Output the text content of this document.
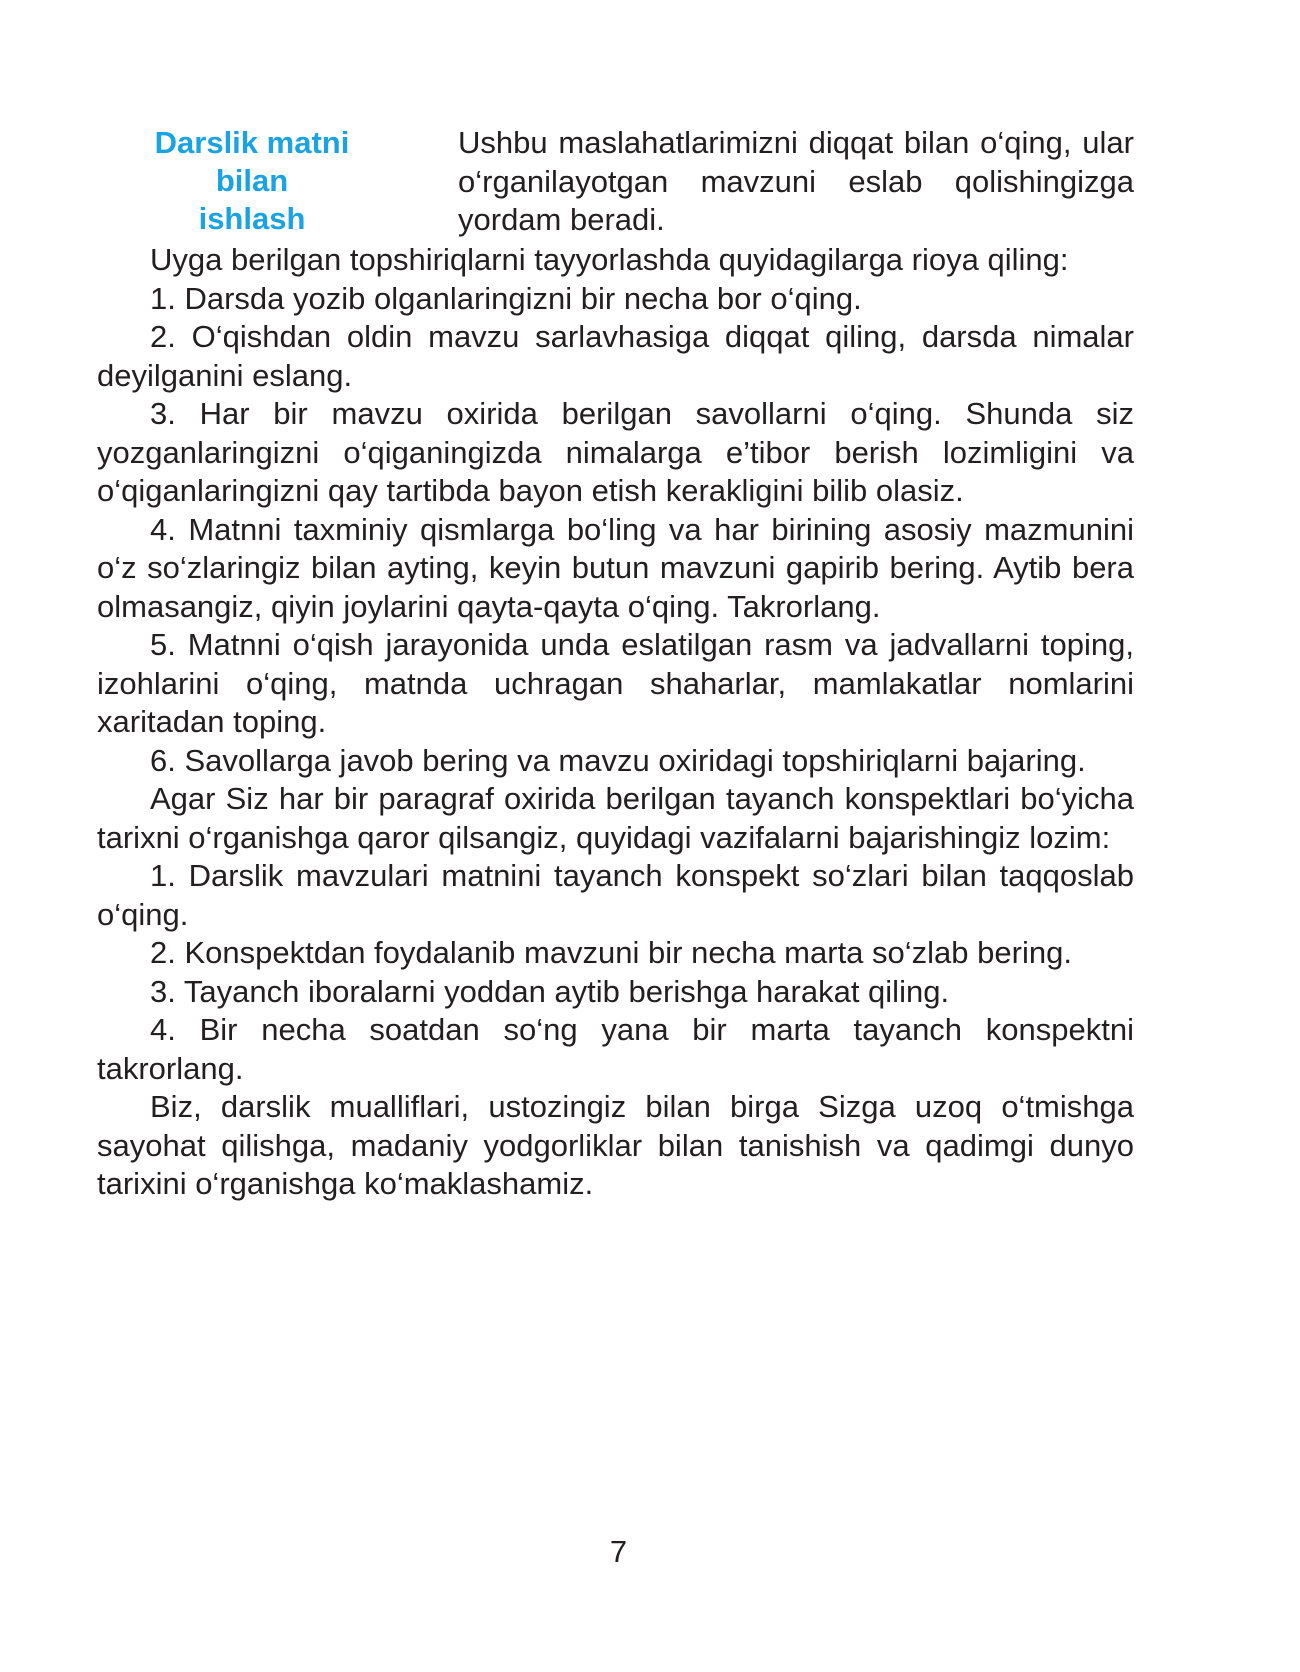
Darslik matni
bilan
ishlash
Ushbu maslahatlarimizni diqqat bilan o‘qing, ular o‘rganilayotgan mavzuni eslab qolishingizga yordam beradi.

Uyga berilgan topshiriqlarni tayyorlashda quyidagilarga rioya qiling:

1. Darsda yozib olganlaringizni bir necha bor o‘qing.

2. O‘qishdan oldin mavzu sarlavhasiga diqqat qiling, darsda nimalar deyilganini eslang.

3. Har bir mavzu oxirida berilgan savollarni o‘qing. Shunda siz yozganlaringizni o‘qiganingizda nimalarga e’tibor berish lozimligini va o‘qiganlaringizni qay tartibda bayon etish kerakligini bilib olasiz.

4. Matnni taxminiy qismlarga bo‘ling va har birining asosiy mazmunini o‘z so‘zlaringiz bilan ayting, keyin butun mavzuni gapirib bering. Aytib bera olmasangiz, qiyin joylarini qayta-qayta o‘qing. Takrorlang.

5. Matnni o‘qish jarayonida unda eslatilgan rasm va jadvallarni toping, izohlarini o‘qing, matnda uchragan shaharlar, mamlakatlar nomlarini xaritadan toping.

6. Savollarga javob bering va mavzu oxiridagi topshiriqlarni bajaring.

Agar Siz har bir paragraf oxirida berilgan tayanch konspektlari bo‘yicha tarixni o‘rganishga qaror qilsangiz, quyidagi vazifalarni bajarishingiz lozim:

1. Darslik mavzulari matnini tayanch konspekt so‘zlari bilan taqqoslab o‘qing.

2. Konspektdan foydalanib mavzuni bir necha marta so‘zlab bering.

3. Tayanch iboralarni yoddan aytib berishga harakat qiling.

4. Bir necha soatdan so‘ng yana bir marta tayanch konspektni takrorlang.

Biz, darslik mualliflari, ustozingiz bilan birga Sizga uzoq o‘tmishga sayohat qilishga, madaniy yodgorliklar bilan tanishish va qadimgi dunyo tarixini o‘rganishga ko‘maklashamiz.

7
